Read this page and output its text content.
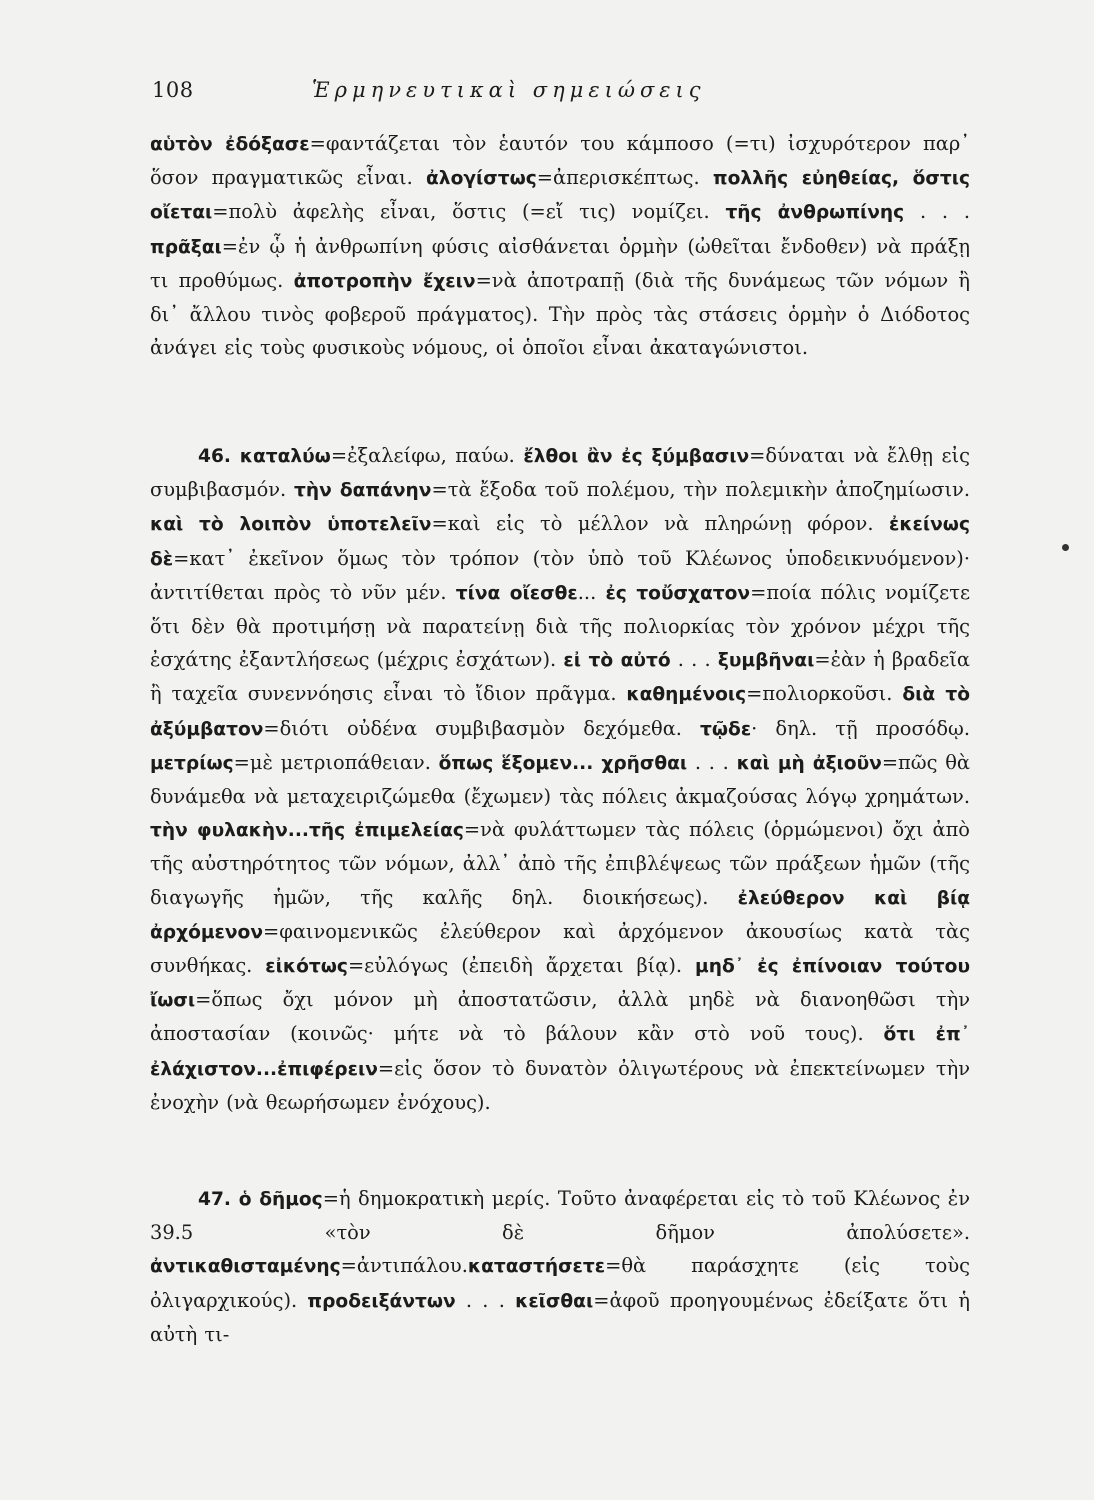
108	Ἑρμηνευτικαὶ σημειώσεις

αὑτὸν ἐδόξασε=φαντάζεται τὸν ἑαυτόν του κάμποσο (=τι) ἰσχυρότερον παρ᾿ ὅσον πραγματικῶς εἶναι. ἀλογίστως=ἀπερισκέπτως. πολλῆς εὐηθείας, ὅστις οἴεται=πολὺ ἀφελὴς εἶναι, ὅστις (=εἴ τις) νομίζει. τῆς ἀνθρωπίνης . . . πρᾶξαι=ἐν ᾧ ἡ ἀνθρωπίνη φύσις αἰσθάνεται ὁρμὴν (ὠθεῖται ἔνδοθεν) νὰ πράξῃ τι προθύμως. ἀποτροπὴν ἔχειν=νὰ ἀποτραπῇ (διὰ τῆς δυνάμεως τῶν νόμων ἢ δι᾿ ἄλλου τινὸς φοβεροῦ πράγματος). Τὴν πρὸς τὰς στάσεις ὁρμὴν ὁ Διόδοτος ἀνάγει εἰς τοὺς φυσικοὺς νόμους, οἱ ὁποῖοι εἶναι ἀκαταγώνιστοι.

46. καταλύω=ἐξαλείφω, παύω. ἔλθοι ἂν ἐς ξύμβασιν=δύναται νὰ ἔλθῃ εἰς συμβιβασμόν. τὴν δαπάνην=τὰ ἔξοδα τοῦ πολέμου, τὴν πολεμικὴν ἀποζημίωσιν. καὶ τὸ λοιπὸν ὑποτελεῖν=καὶ εἰς τὸ μέλλον νὰ πληρώνῃ φόρον. ἐκείνως δὲ=κατ᾿ ἐκεῖνον ὅμως τὸν τρόπον (τὸν ὑπὸ τοῦ Κλέωνος ὑποδεικνυόμενον)· ἀντιτίθεται πρὸς τὸ νῦν μέν. τίνα οἴεσθε... ἐς τοὔσχατον=ποία πόλις νομίζετε ὅτι δὲν θὰ προτιμήσῃ νὰ παρατείνῃ διὰ τῆς πολιορκίας τὸν χρόνον μέχρι τῆς ἐσχάτης ἐξαντλήσεως (μέχρις ἐσχάτων). εἰ τὸ αὐτό . . . ξυμβῆναι=ἐὰν ἡ βραδεῖα ἢ ταχεῖα συνεννόησις εἶναι τὸ ἴδιον πρᾶγμα. καθημένοις=πολιορκοῦσι. διὰ τὸ ἀξύμβατον=διότι οὐδένα συμβιβασμὸν δεχόμεθα. τῷδε· δηλ. τῇ προσόδῳ. μετρίως=μὲ μετριοπάθειαν. ὅπως ἕξομεν... χρῆσθαι . . . καὶ μὴ ἀξιοῦν=πῶς θὰ δυνάμεθα νὰ μεταχειριζώμεθα (ἔχωμεν) τὰς πόλεις ἀκμαζούσας λόγῳ χρημάτων. τὴν φυλακὴν...τῆς ἐπιμελείας=νὰ φυλάττωμεν τὰς πόλεις (ὁρμώμενοι) ὄχι ἀπὸ τῆς αὐστηρότητος τῶν νόμων, ἀλλ᾿ ἀπὸ τῆς ἐπιβλέψεως τῶν πράξεων ἡμῶν (τῆς διαγωγῆς ἡμῶν, τῆς καλῆς δηλ. διοικήσεως). ἐλεύθερον καὶ βίᾳ ἀρχόμενον=φαινομενικῶς ἐλεύθερον καὶ ἀρχόμενον ἀκουσίως κατὰ τὰς συνθήκας. εἰκότως=εὐλόγως (ἐπειδὴ ἄρχεται βίᾳ). μηδ᾿ ἐς ἐπίνοιαν τούτου ἴωσι=ὅπως ὄχι μόνον μὴ ἀποστατῶσιν, ἀλλὰ μηδὲ νὰ διανοηθῶσι τὴν ἀποστασίαν (κοινῶς· μήτε νὰ τὸ βάλουν κἂν στὸ νοῦ τους). ὅτι ἐπ᾿ ἐλάχιστον...ἐπιφέρειν=εἰς ὅσον τὸ δυνατὸν ὀλιγωτέρους νὰ ἐπεκτείνωμεν τὴν ἐνοχὴν (νὰ θεωρήσωμεν ἐνόχους).

47. ὁ δῆμος=ἡ δημοκρατικὴ μερίς. Τοῦτο ἀναφέρεται εἰς τὸ τοῦ Κλέωνος ἐν 39.5 «τὸν δὲ δῆμον ἀπολύσετε». ἀντικαθισταμένης=ἀντιπάλου.καταστήσετε=θὰ παράσχητε (εἰς τοὺς ὀλιγαρχικούς). προδειξάντων . . . κεῖσθαι=ἀφοῦ προηγουμένως ἐδείξατε ὅτι ἡ αὐτὴ τι-
